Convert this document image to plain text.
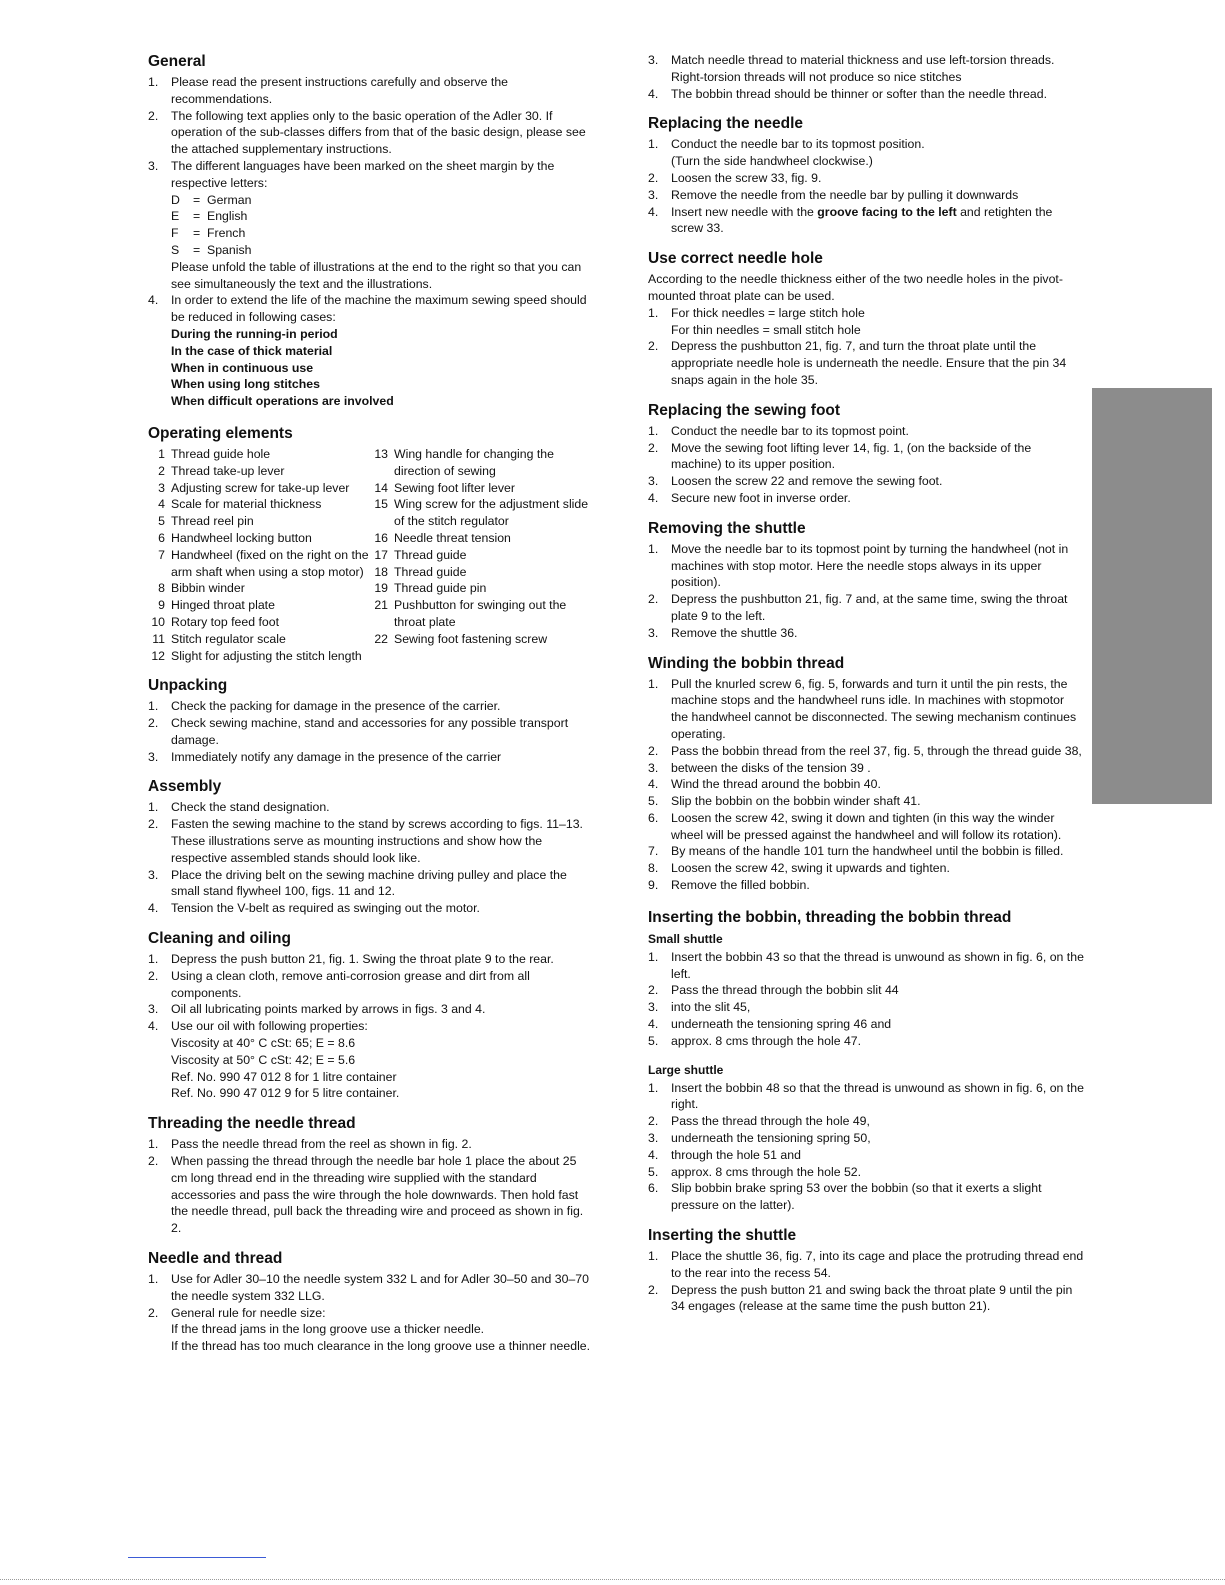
General
1. Please read the present instructions carefully and observe the recommendations.
2. The following text applies only to the basic operation of the Adler 30. If operation of the sub-classes differs from that of the basic design, please see the attached supplementary instructions.
3. The different languages have been marked on the sheet margin by the respective letters:
D =  German
E =  English
F =  French
S =  Spanish
Please unfold the table of illustrations at the end to the right so that you can see simultaneously the text and the illustrations.
4. In order to extend the life of the machine the maximum sewing speed should be reduced in following cases:
During the running-in period
In the case of thick material
When in continuous use
When using long stitches
When difficult operations are involved
Operating elements
1 Thread guide hole
2 Thread take-up lever
3 Adjusting screw for take-up lever
4 Scale for material thickness
5 Thread reel pin
6 Handwheel locking button
7 Handwheel (fixed on the right on the arm shaft when using a stop motor)
8 Bibbin winder
9 Hinged throat plate
10 Rotary top feed foot
11 Stitch regulator scale
12 Slight for adjusting the stitch length
13 Wing handle for changing the direction of sewing
14 Sewing foot lifter lever
15 Wing screw for the adjustment slide of the stitch regulator
16 Needle threat tension
17 Thread guide
18 Thread guide
19 Thread guide pin
21 Pushbutton for swinging out the throat plate
22 Sewing foot fastening screw
Unpacking
1. Check the packing for damage in the presence of the carrier.
2. Check sewing machine, stand and accessories for any possible transport damage.
3. Immediately notify any damage in the presence of the carrier
Assembly
1. Check the stand designation.
2. Fasten the sewing machine to the stand by screws according to figs. 11–13. These illustrations serve as mounting instructions and show how the respective assembled stands should look like.
3. Place the driving belt on the sewing machine driving pulley and place the small stand flywheel 100, figs. 11 and 12.
4. Tension the V-belt as required as swinging out the motor.
Cleaning and oiling
1. Depress the push button 21, fig. 1. Swing the throat plate 9 to the rear.
2. Using a clean cloth, remove anti-corrosion grease and dirt from all components.
3. Oil all lubricating points marked by arrows in figs. 3 and 4.
4. Use our oil with following properties:
Viscosity at 40° C cSt: 65; E = 8.6
Viscosity at 50° C cSt: 42; E = 5.6
Ref. No. 990 47 012 8 for 1 litre container
Ref. No. 990 47 012 9 for 5 litre container.
Threading the needle thread
1. Pass the needle thread from the reel as shown in fig. 2.
2. When passing the thread through the needle bar hole 1 place the about 25 cm long thread end in the threading wire supplied with the standard accessories and pass the wire through the hole downwards. Then hold fast the needle thread, pull back the threading wire and proceed as shown in fig. 2.
Needle and thread
1. Use for Adler 30–10 the needle system 332 L and for Adler 30–50 and 30–70 the needle system 332 LLG.
2. General rule for needle size:
If the thread jams in the long groove use a thicker needle.
If the thread has too much clearance in the long groove use a thinner needle.
3. Match needle thread to material thickness and use left-torsion threads. Right-torsion threads will not produce so nice stitches
4. The bobbin thread should be thinner or softer than the needle thread.
Replacing the needle
1. Conduct the needle bar to its topmost position.
(Turn the side handwheel clockwise.)
2. Loosen the screw 33, fig. 9.
3. Remove the needle from the needle bar by pulling it downwards
4. Insert new needle with the groove facing to the left and retighten the screw 33.
Use correct needle hole
According to the needle thickness either of the two needle holes in the pivot-mounted throat plate can be used.
1. For thick needles = large stitch hole
For thin needles = small stitch hole
2. Depress the pushbutton 21, fig. 7, and turn the throat plate until the appropriate needle hole is underneath the needle. Ensure that the pin 34 snaps again in the hole 35.
Replacing the sewing foot
1. Conduct the needle bar to its topmost point.
2. Move the sewing foot lifting lever 14, fig. 1, (on the backside of the machine) to its upper position.
3. Loosen the screw 22 and remove the sewing foot.
4. Secure new foot in inverse order.
Removing the shuttle
1. Move the needle bar to its topmost point by turning the handwheel (not in machines with stop motor. Here the needle stops always in its upper position).
2. Depress the pushbutton 21, fig. 7 and, at the same time, swing the throat plate 9 to the left.
3. Remove the shuttle 36.
Winding the bobbin thread
1. Pull the knurled screw 6, fig. 5, forwards and turn it until the pin rests, the machine stops and the handwheel runs idle. In machines with stopmotor the handwheel cannot be disconnected. The sewing mechanism continues operating.
2. Pass the bobbin thread from the reel 37, fig. 5, through the thread guide 38,
3. between the disks of the tension 39 .
4. Wind the thread around the bobbin 40.
5. Slip the bobbin on the bobbin winder shaft 41.
6. Loosen the screw 42, swing it down and tighten (in this way the winder wheel will be pressed against the handwheel and will follow its rotation).
7. By means of the handle 101 turn the handwheel until the bobbin is filled.
8. Loosen the screw 42, swing it upwards and tighten.
9. Remove the filled bobbin.
Inserting the bobbin, threading the bobbin thread
Small shuttle
1. Insert the bobbin 43 so that the thread is unwound as shown in fig. 6, on the left.
2. Pass the thread through the bobbin slit 44
3. into the slit 45,
4. underneath the tensioning spring 46 and
5. approx. 8 cms through the hole 47.
Large shuttle
1. Insert the bobbin 48 so that the thread is unwound as shown in fig. 6, on the right.
2. Pass the thread through the hole 49,
3. underneath the tensioning spring 50,
4. through the hole 51 and
5. approx. 8 cms through the hole 52.
6. Slip bobbin brake spring 53 over the bobbin (so that it exerts a slight pressure on the latter).
Inserting the shuttle
1. Place the shuttle 36, fig. 7, into its cage and place the protruding thread end to the rear into the recess 54.
2. Depress the push button 21 and swing back the throat plate 9 until the pin 34 engages (release at the same time the push button 21).
